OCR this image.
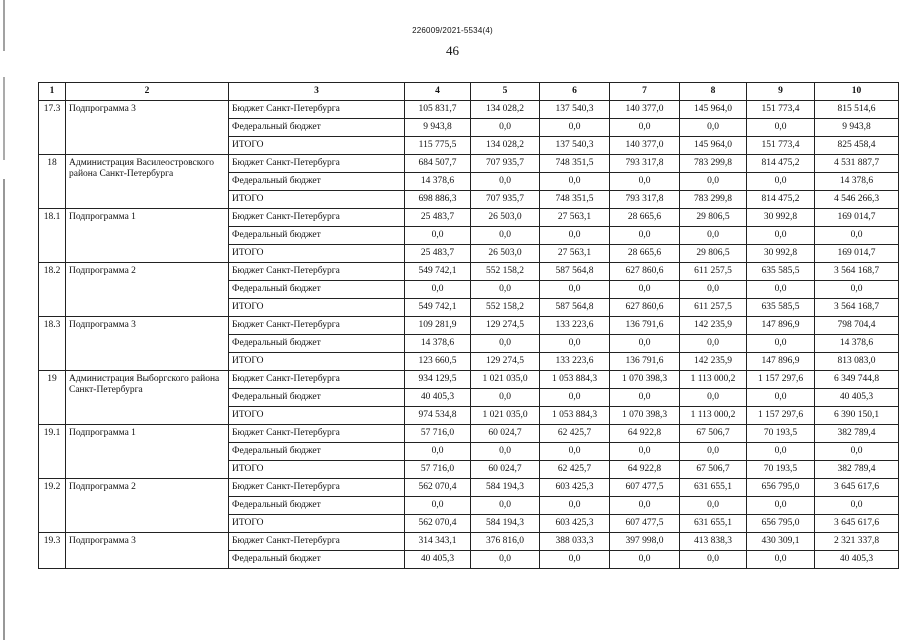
226009/2021-5534(4)
46
1	2	3	4	5	6	7	8	9	10
17.3	Подпрограмма 3	Бюджет Санкт-Петербурга	105 831,7	134 028,2	137 540,3	140 377,0	145 964,0	151 773,4	815 514,6
		Федеральный бюджет	9 943,8	0,0	0,0	0,0	0,0	0,0	9 943,8
		ИТОГО	115 775,5	134 028,2	137 540,3	140 377,0	145 964,0	151 773,4	825 458,4
18	Администрация Василеостровского района Санкт-Петербурга	Бюджет Санкт-Петербурга	684 507,7	707 935,7	748 351,5	793 317,8	783 299,8	814 475,2	4 531 887,7
		Федеральный бюджет	14 378,6	0,0	0,0	0,0	0,0	0,0	14 378,6
		ИТОГО	698 886,3	707 935,7	748 351,5	793 317,8	783 299,8	814 475,2	4 546 266,3
18.1	Подпрограмма 1	Бюджет Санкт-Петербурга	25 483,7	26 503,0	27 563,1	28 665,6	29 806,5	30 992,8	169 014,7
		Федеральный бюджет	0,0	0,0	0,0	0,0	0,0	0,0	0,0
		ИТОГО	25 483,7	26 503,0	27 563,1	28 665,6	29 806,5	30 992,8	169 014,7
18.2	Подпрограмма 2	Бюджет Санкт-Петербурга	549 742,1	552 158,2	587 564,8	627 860,6	611 257,5	635 585,5	3 564 168,7
		Федеральный бюджет	0,0	0,0	0,0	0,0	0,0	0,0	0,0
		ИТОГО	549 742,1	552 158,2	587 564,8	627 860,6	611 257,5	635 585,5	3 564 168,7
18.3	Подпрограмма 3	Бюджет Санкт-Петербурга	109 281,9	129 274,5	133 223,6	136 791,6	142 235,9	147 896,9	798 704,4
		Федеральный бюджет	14 378,6	0,0	0,0	0,0	0,0	0,0	14 378,6
		ИТОГО	123 660,5	129 274,5	133 223,6	136 791,6	142 235,9	147 896,9	813 083,0
19	Администрация Выборгского района Санкт-Петербурга	Бюджет Санкт-Петербурга	934 129,5	1 021 035,0	1 053 884,3	1 070 398,3	1 113 000,2	1 157 297,6	6 349 744,8
		Федеральный бюджет	40 405,3	0,0	0,0	0,0	0,0	0,0	40 405,3
		ИТОГО	974 534,8	1 021 035,0	1 053 884,3	1 070 398,3	1 113 000,2	1 157 297,6	6 390 150,1
19.1	Подпрограмма 1	Бюджет Санкт-Петербурга	57 716,0	60 024,7	62 425,7	64 922,8	67 506,7	70 193,5	382 789,4
		Федеральный бюджет	0,0	0,0	0,0	0,0	0,0	0,0	0,0
		ИТОГО	57 716,0	60 024,7	62 425,7	64 922,8	67 506,7	70 193,5	382 789,4
19.2	Подпрограмма 2	Бюджет Санкт-Петербурга	562 070,4	584 194,3	603 425,3	607 477,5	631 655,1	656 795,0	3 645 617,6
		Федеральный бюджет	0,0	0,0	0,0	0,0	0,0	0,0	0,0
		ИТОГО	562 070,4	584 194,3	603 425,3	607 477,5	631 655,1	656 795,0	3 645 617,6
19.3	Подпрограмма 3	Бюджет Санкт-Петербурга	314 343,1	376 816,0	388 033,3	397 998,0	413 838,3	430 309,1	2 321 337,8
		Федеральный бюджет	40 405,3	0,0	0,0	0,0	0,0	0,0	40 405,3
